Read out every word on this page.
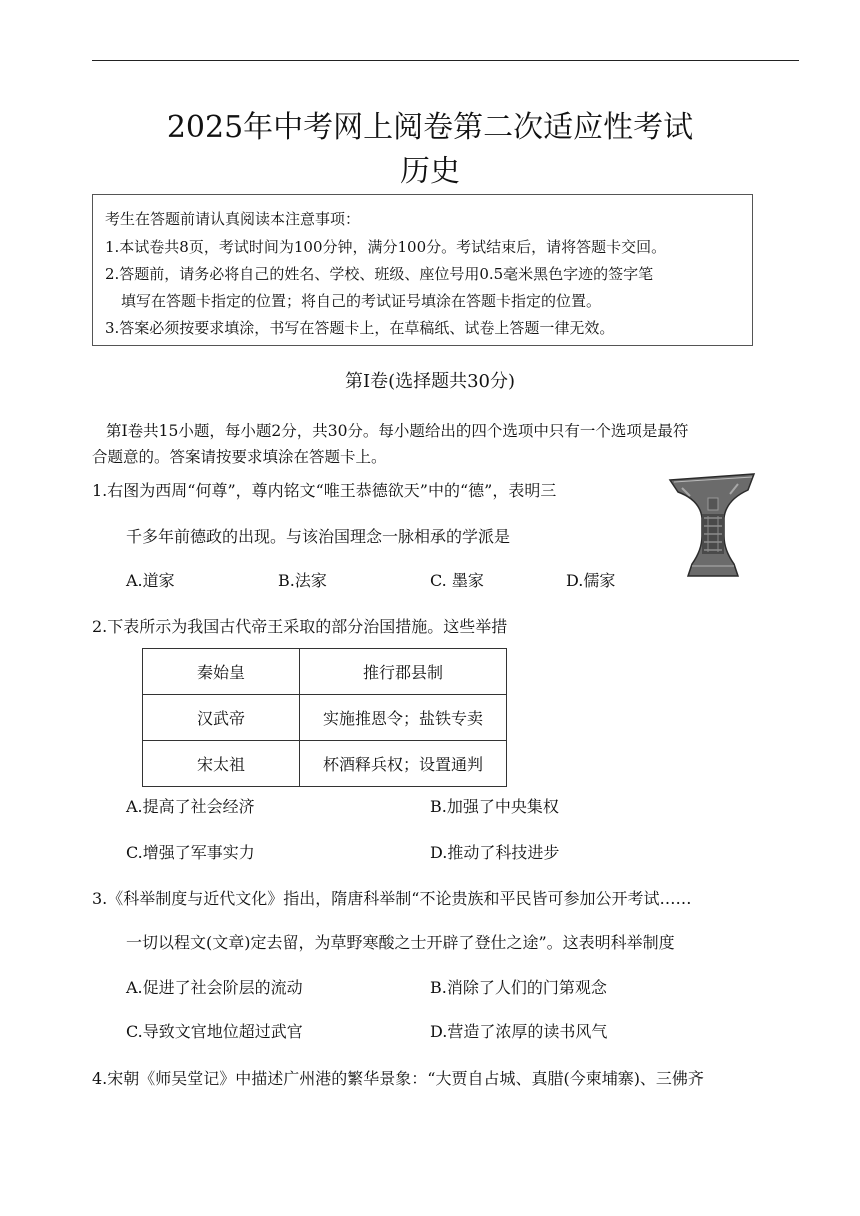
2025年中考网上阅卷第二次适应性考试
历史
考生在答题前请认真阅读本注意事项：
1.本试卷共8页，考试时间为100分钟，满分100分。考试结束后，请将答题卡交回。
2.答题前，请务必将自己的姓名、学校、班级、座位号用0.5毫米黑色字迹的签字笔
填写在答题卡指定的位置；将自己的考试证号填涂在答题卡指定的位置。
3.答案必须按要求填涂，书写在答题卡上，在草稿纸、试卷上答题一律无效。
第Ⅰ卷(选择题共30分)
第Ⅰ卷共15小题，每小题2分，共30分。每小题给出的四个选项中只有一个选项是最符
合题意的。答案请按要求填涂在答题卡上。
1.右图为西周“何尊”，尊内铭文“唯王恭德欲天”中的“德”，表明三
千多年前德政的出现。与该治国理念一脉相承的学派是
A.道家	B.法家	C. 墨家	D.儒家
2.下表所示为我国古代帝王采取的部分治国措施。这些举措
秦始皇	推行郡县制
汉武帝	实施推恩令；盐铁专卖
宋太祖	杯酒释兵权；设置通判
A.提高了社会经济	B.加强了中央集权
C.增强了军事实力	D.推动了科技进步
3.《科举制度与近代文化》指出，隋唐科举制“不论贵族和平民皆可参加公开考试……
一切以程文(文章)定去留，为草野寒酸之士开辟了登仕之途”。这表明科举制度
A.促进了社会阶层的流动	B.消除了人们的门第观念
C.导致文官地位超过武官	D.营造了浓厚的读书风气
4.宋朝《师吴堂记》中描述广州港的繁华景象：“大贾自占城、真腊(今柬埔寨)、三佛齐
